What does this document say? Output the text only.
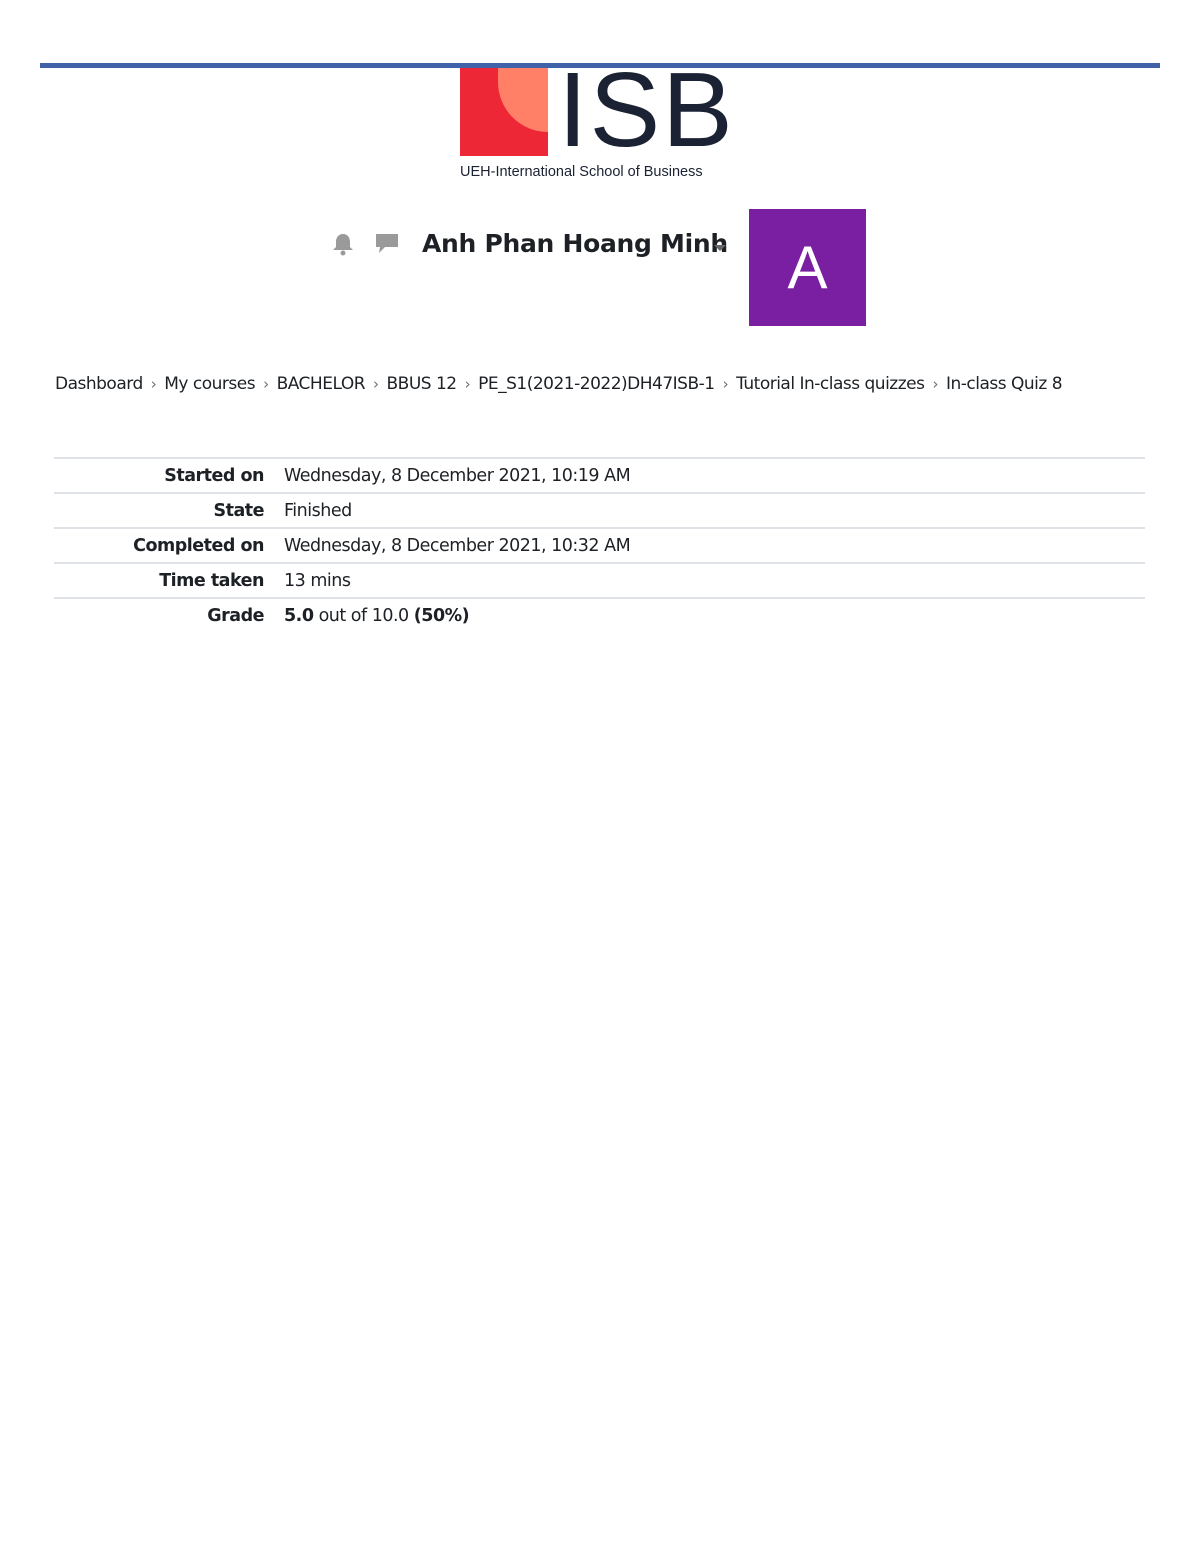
ISB
UEH-International School of Business
Anh Phan Hoang Minh A
Dashboard › My courses › BACHELOR › BBUS 12 › PE_S1(2021-2022)DH47ISB-1 › Tutorial In-class quizzes › In-class Quiz 8
Started on	Wednesday, 8 December 2021, 10:19 AM
State	Finished
Completed on	Wednesday, 8 December 2021, 10:32 AM
Time taken	13 mins
Grade	5.0 out of 10.0 (50%)
